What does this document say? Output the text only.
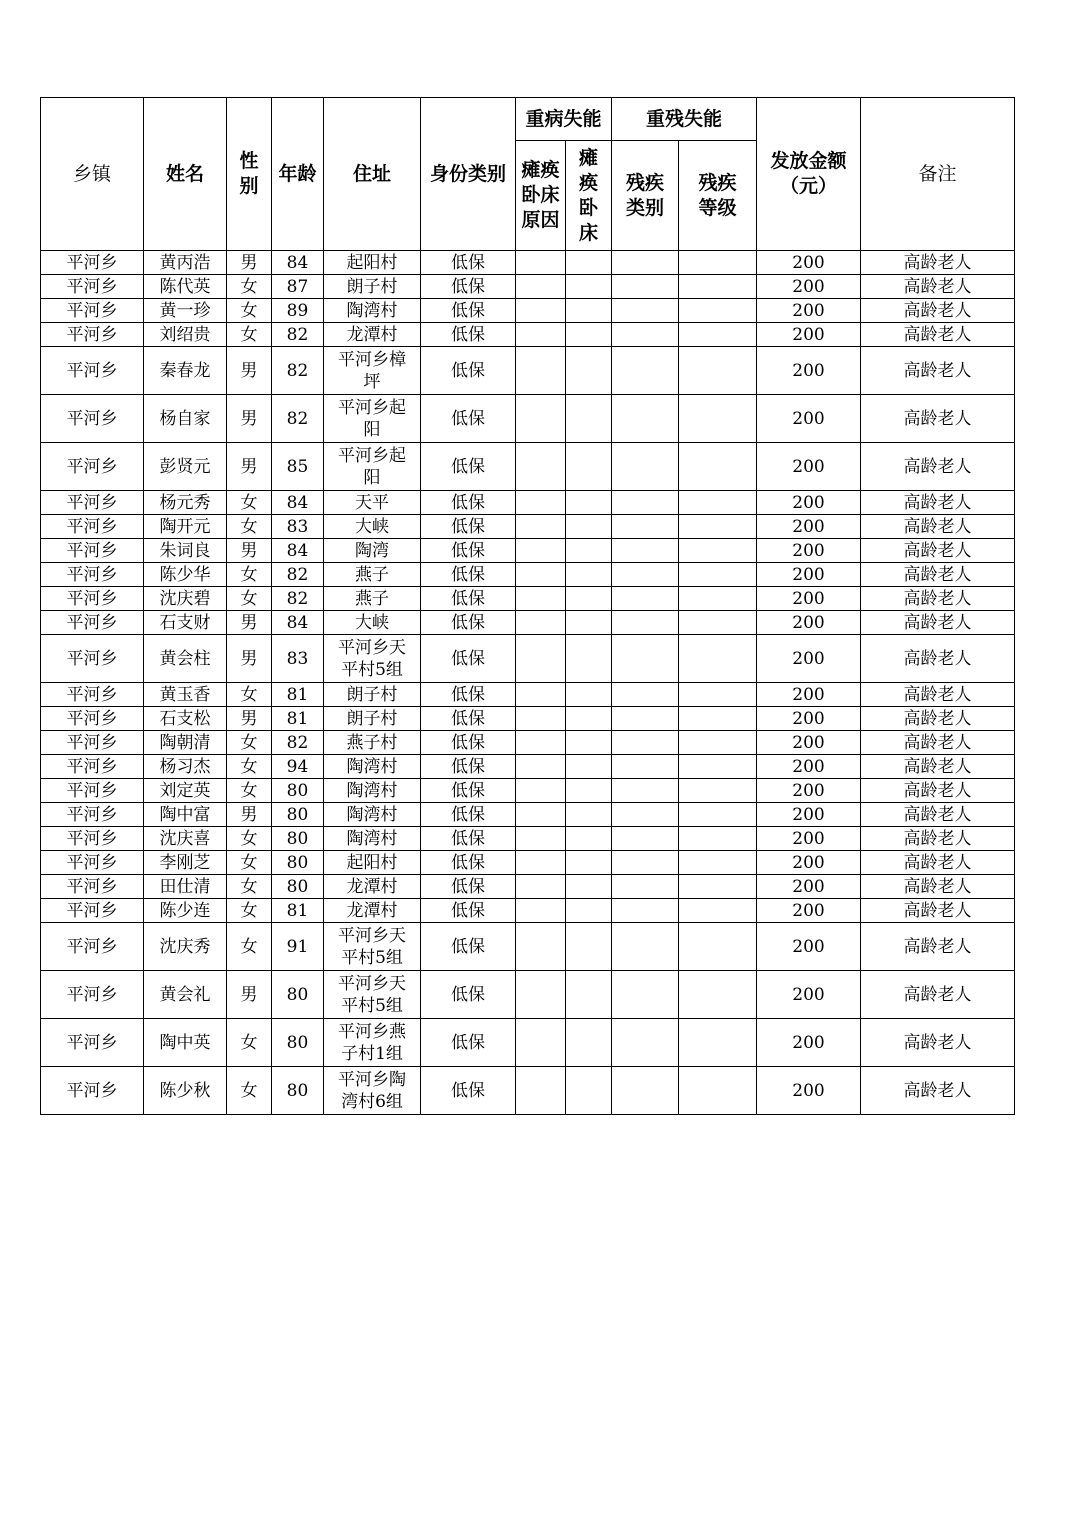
乡镇	姓名	性别	年龄	住址	身份类别	重病失能		重残失能		发放金额（元）	备注

						瘫痪卧床原因	瘫痪卧床	残疾类别	残疾等级		

平河乡	黄丙浩	男	84	起阳村	低保					200	高龄老人
平河乡	陈代英	女	87	朗子村	低保					200	高龄老人
平河乡	黄一珍	女	89	陶湾村	低保					200	高龄老人
平河乡	刘绍贵	女	82	龙潭村	低保					200	高龄老人
平河乡	秦春龙	男	82	平河乡樟坪	低保					200	高龄老人
平河乡	杨自家	男	82	平河乡起阳	低保					200	高龄老人
平河乡	彭贤元	男	85	平河乡起阳	低保					200	高龄老人
平河乡	杨元秀	女	84	天平	低保					200	高龄老人
平河乡	陶开元	女	83	大峡	低保					200	高龄老人
平河乡	朱词良	男	84	陶湾	低保					200	高龄老人
平河乡	陈少华	女	82	燕子	低保					200	高龄老人
平河乡	沈庆碧	女	82	燕子	低保					200	高龄老人
平河乡	石支财	男	84	大峡	低保					200	高龄老人
平河乡	黄会柱	男	83	平河乡天平村5组	低保					200	高龄老人
平河乡	黄玉香	女	81	朗子村	低保					200	高龄老人
平河乡	石支松	男	81	朗子村	低保					200	高龄老人
平河乡	陶朝清	女	82	燕子村	低保					200	高龄老人
平河乡	杨习杰	女	94	陶湾村	低保					200	高龄老人
平河乡	刘定英	女	80	陶湾村	低保					200	高龄老人
平河乡	陶中富	男	80	陶湾村	低保					200	高龄老人
平河乡	沈庆喜	女	80	陶湾村	低保					200	高龄老人
平河乡	李刚芝	女	80	起阳村	低保					200	高龄老人
平河乡	田仕清	女	80	龙潭村	低保					200	高龄老人
平河乡	陈少连	女	81	龙潭村	低保					200	高龄老人
平河乡	沈庆秀	女	91	平河乡天平村5组	低保					200	高龄老人
平河乡	黄会礼	男	80	平河乡天平村5组	低保					200	高龄老人
平河乡	陶中英	女	80	平河乡燕子村1组	低保					200	高龄老人
平河乡	陈少秋	女	80	平河乡陶湾村6组	低保					200	高龄老人
